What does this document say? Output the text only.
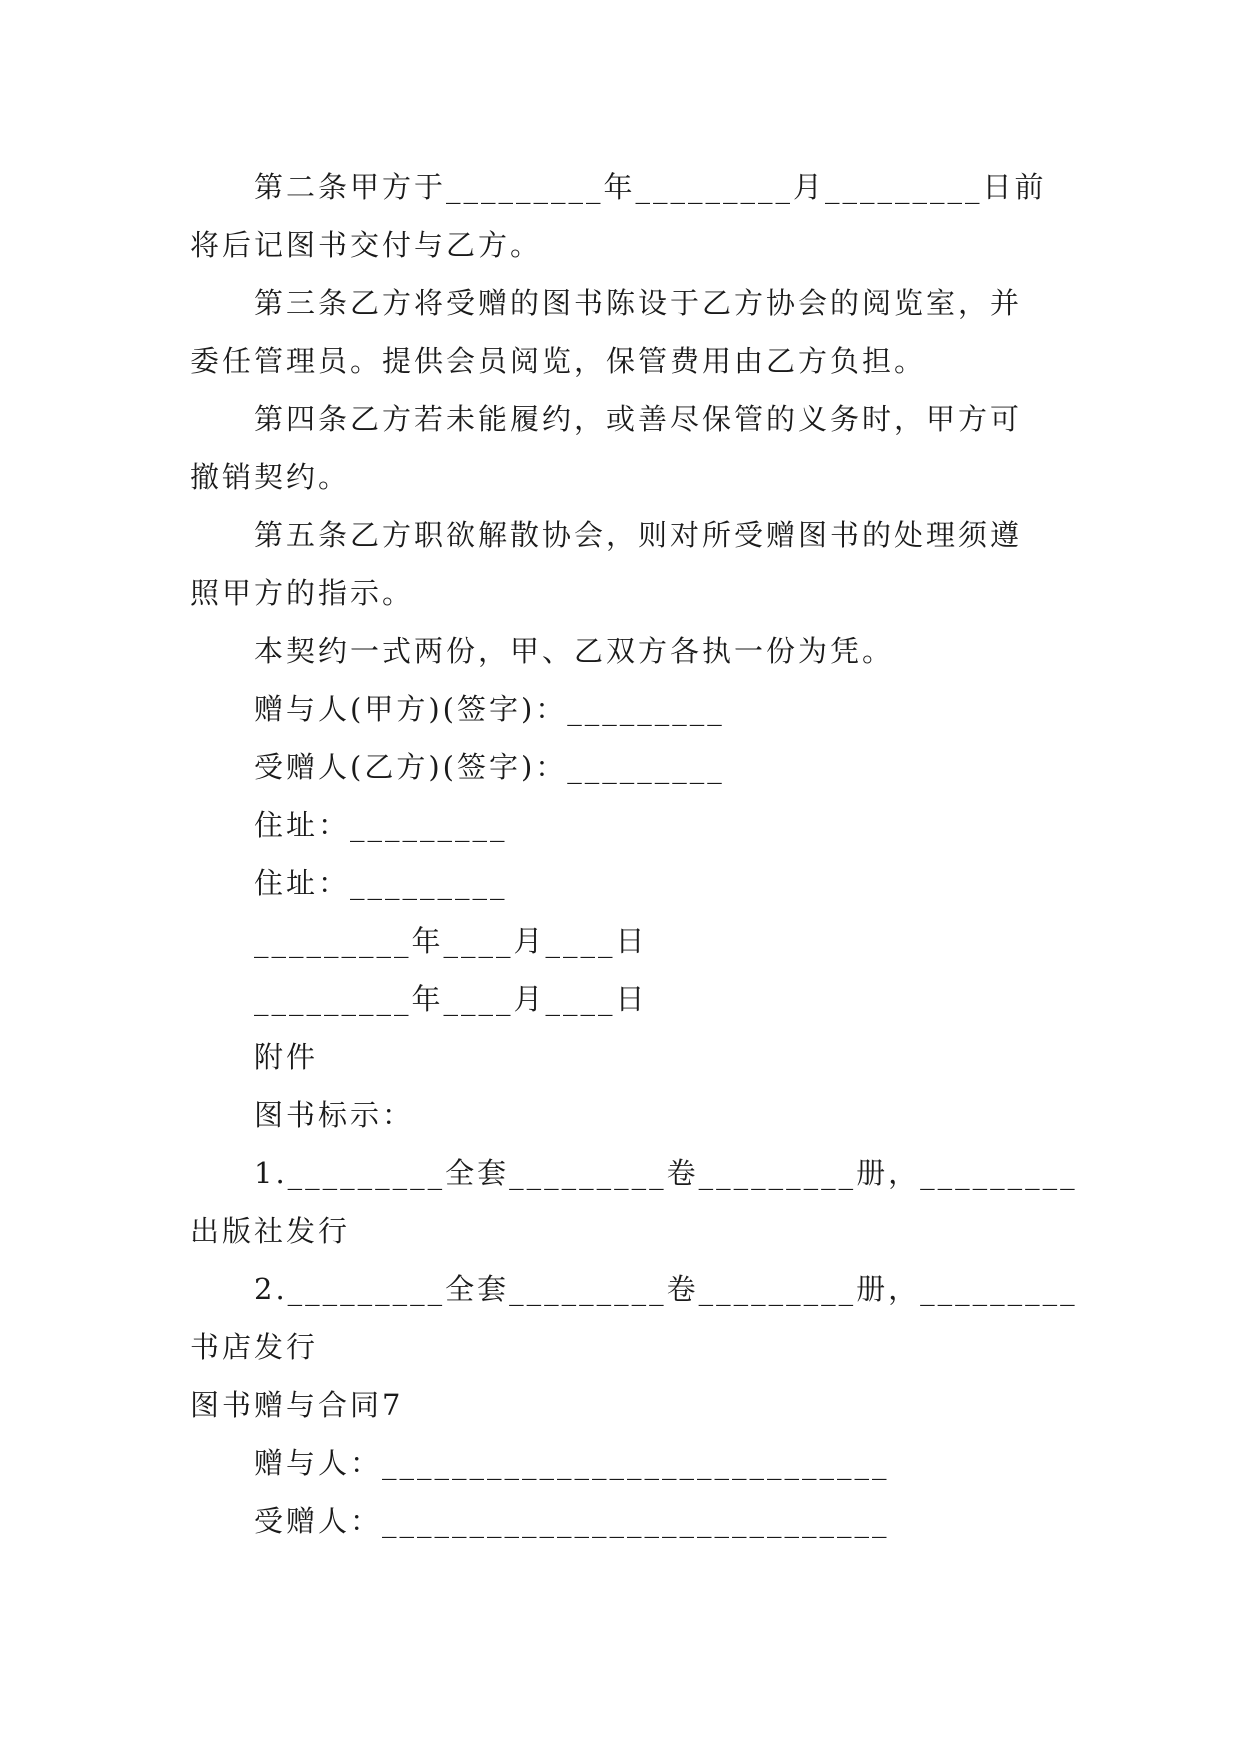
第二条甲方于_________年_________月_________日前
将后记图书交付与乙方。
第三条乙方将受赠的图书陈设于乙方协会的阅览室，并
委任管理员。提供会员阅览，保管费用由乙方负担。
第四条乙方若未能履约，或善尽保管的义务时，甲方可
撤销契约。
第五条乙方职欲解散协会，则对所受赠图书的处理须遵
照甲方的指示。
本契约一式两份，甲、乙双方各执一份为凭。
赠与人(甲方)(签字)：_________
受赠人(乙方)(签字)：_________
住址：_________
住址：_________
_________年____月____日
_________年____月____日
附件
图书标示：
1._________全套_________卷_________册，_________
出版社发行
2._________全套_________卷_________册，_________
书店发行
图书赠与合同7
赠与人：_____________________________
受赠人：_____________________________
